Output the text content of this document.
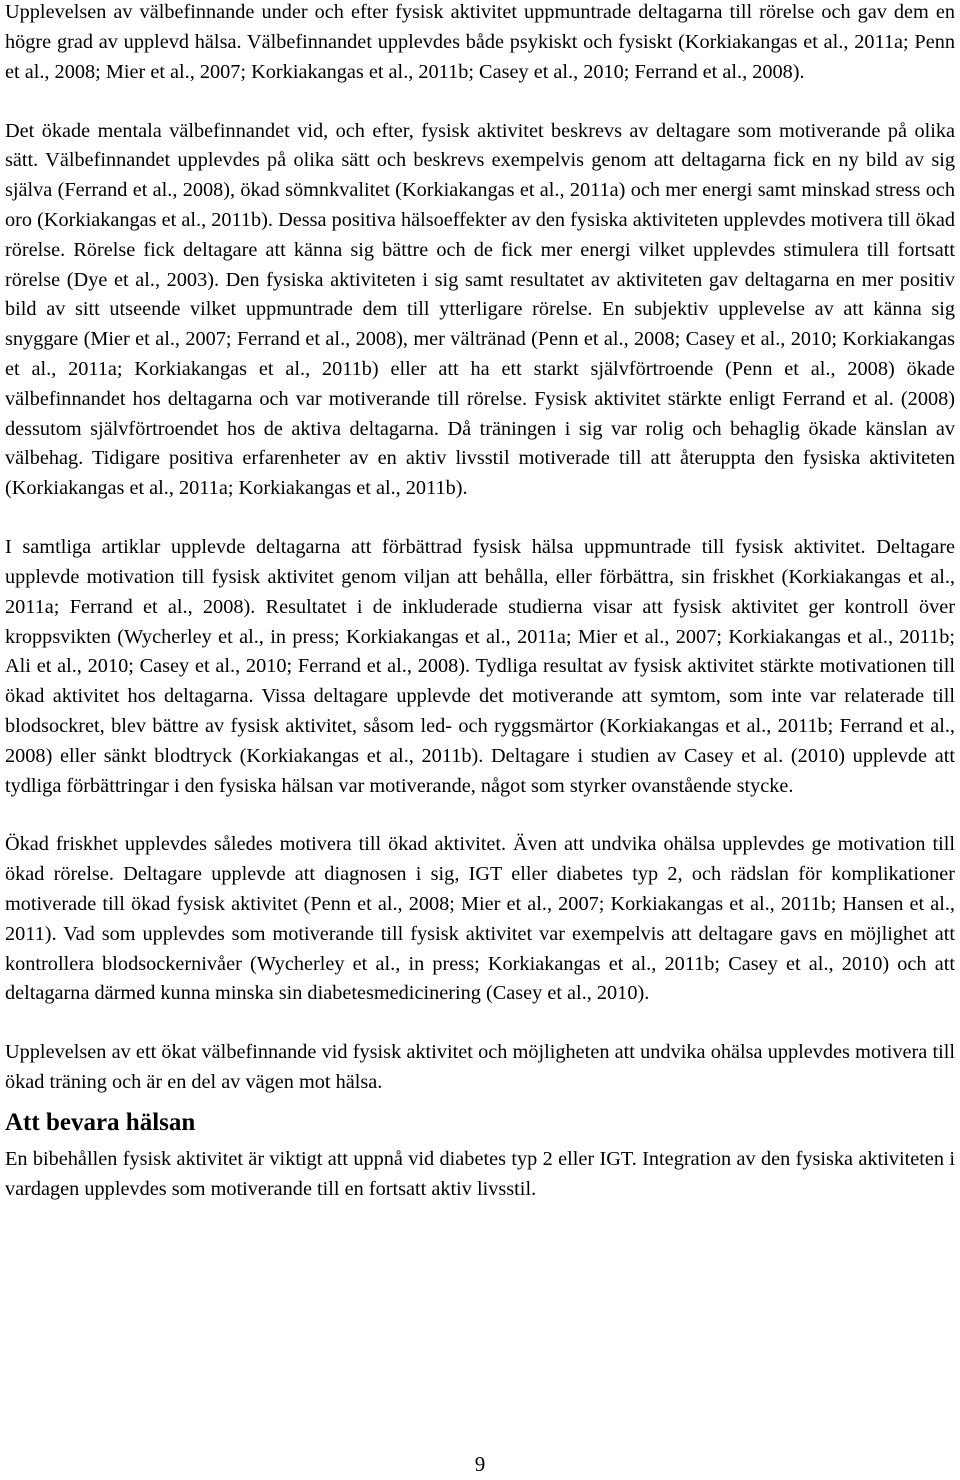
Upplevelsen av välbefinnande under och efter fysisk aktivitet uppmuntrade deltagarna till rörelse och gav dem en högre grad av upplevd hälsa. Välbefinnandet upplevdes både psykiskt och fysiskt (Korkiakangas et al., 2011a; Penn et al., 2008; Mier et al., 2007; Korkiakangas et al., 2011b; Casey et al., 2010; Ferrand et al., 2008).

Det ökade mentala välbefinnandet vid, och efter, fysisk aktivitet beskrevs av deltagare som motiverande på olika sätt. Välbefinnandet upplevdes på olika sätt och beskrevs exempelvis genom att deltagarna fick en ny bild av sig själva (Ferrand et al., 2008), ökad sömnkvalitet (Korkiakangas et al., 2011a) och mer energi samt minskad stress och oro (Korkiakangas et al., 2011b). Dessa positiva hälsoeffekter av den fysiska aktiviteten upplevdes motivera till ökad rörelse. Rörelse fick deltagare att känna sig bättre och de fick mer energi vilket upplevdes stimulera till fortsatt rörelse (Dye et al., 2003). Den fysiska aktiviteten i sig samt resultatet av aktiviteten gav deltagarna en mer positiv bild av sitt utseende vilket uppmuntrade dem till ytterligare rörelse. En subjektiv upplevelse av att känna sig snyggare (Mier et al., 2007; Ferrand et al., 2008), mer vältränad (Penn et al., 2008; Casey et al., 2010; Korkiakangas et al., 2011a; Korkiakangas et al., 2011b) eller att ha ett starkt självförtroende (Penn et al., 2008) ökade välbefinnandet hos deltagarna och var motiverande till rörelse. Fysisk aktivitet stärkte enligt Ferrand et al. (2008) dessutom självförtroendet hos de aktiva deltagarna. Då träningen i sig var rolig och behaglig ökade känslan av välbehag. Tidigare positiva erfarenheter av en aktiv livsstil motiverade till att återuppta den fysiska aktiviteten (Korkiakangas et al., 2011a; Korkiakangas et al., 2011b).

I samtliga artiklar upplevde deltagarna att förbättrad fysisk hälsa uppmuntrade till fysisk aktivitet. Deltagare upplevde motivation till fysisk aktivitet genom viljan att behålla, eller förbättra, sin friskhet (Korkiakangas et al., 2011a; Ferrand et al., 2008). Resultatet i de inkluderade studierna visar att fysisk aktivitet ger kontroll över kroppsvikten (Wycherley et al., in press; Korkiakangas et al., 2011a; Mier et al., 2007; Korkiakangas et al., 2011b; Ali et al., 2010; Casey et al., 2010; Ferrand et al., 2008). Tydliga resultat av fysisk aktivitet stärkte motivationen till ökad aktivitet hos deltagarna. Vissa deltagare upplevde det motiverande att symtom, som inte var relaterade till blodsockret, blev bättre av fysisk aktivitet, såsom led- och ryggsmärtor (Korkiakangas et al., 2011b; Ferrand et al., 2008) eller sänkt blodtryck (Korkiakangas et al., 2011b). Deltagare i studien av Casey et al. (2010) upplevde att tydliga förbättringar i den fysiska hälsan var motiverande, något som styrker ovanstående stycke.

Ökad friskhet upplevdes således motivera till ökad aktivitet. Även att undvika ohälsa upplevdes ge motivation till ökad rörelse. Deltagare upplevde att diagnosen i sig, IGT eller diabetes typ 2, och rädslan för komplikationer motiverade till ökad fysisk aktivitet (Penn et al., 2008; Mier et al., 2007; Korkiakangas et al., 2011b; Hansen et al., 2011). Vad som upplevdes som motiverande till fysisk aktivitet var exempelvis att deltagare gavs en möjlighet att kontrollera blodsockernivåer (Wycherley et al., in press; Korkiakangas et al., 2011b; Casey et al., 2010) och att deltagarna därmed kunna minska sin diabetesmedicinering (Casey et al., 2010).

Upplevelsen av ett ökat välbefinnande vid fysisk aktivitet och möjligheten att undvika ohälsa upplevdes motivera till ökad träning och är en del av vägen mot hälsa.

Att bevara hälsan

En bibehållen fysisk aktivitet är viktigt att uppnå vid diabetes typ 2 eller IGT. Integration av den fysiska aktiviteten i vardagen upplevdes som motiverande till en fortsatt aktiv livsstil.

9
